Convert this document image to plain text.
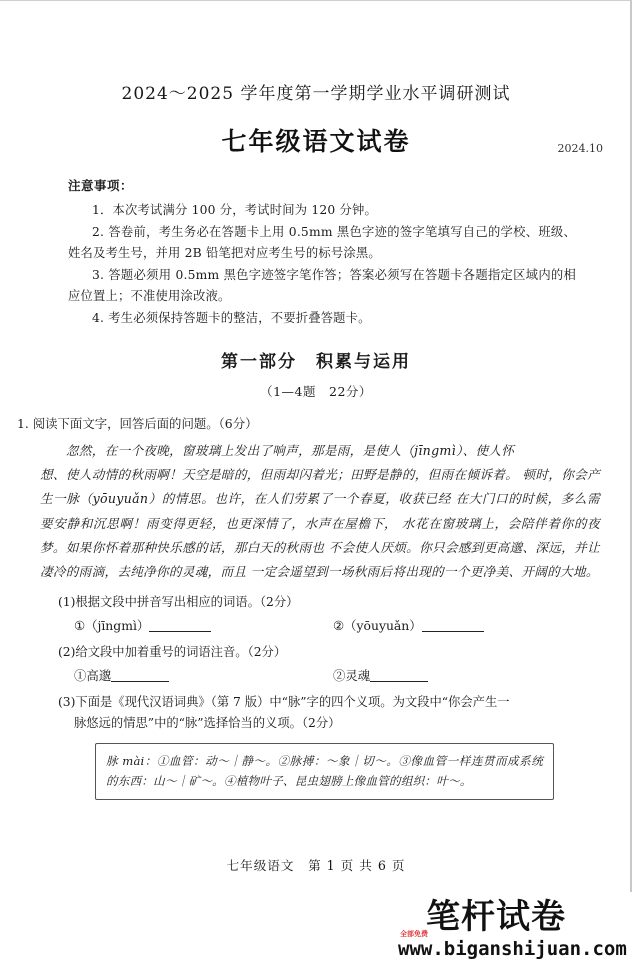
2024～2025 学年度第一学期学业水平调研测试
七年级语文试卷	2024.10
注意事项：

1．本次考试满分 100 分，考试时间为 120 分钟。

2. 答卷前，考生务必在答题卡上用 0.5mm 黑色字迹的签字笔填写自己的学校、班级、姓名及考生号，并用 2B 铅笔把对应考生号的标号涂黑。

3. 答题必须用 0.5mm 黑色字迹签字笔作答；答案必须写在答题卡各题指定区域内的相应位置上；不准使用涂改液。

4. 考生必须保持答题卡的整洁，不要折叠答题卡。

第一部分　积累与运用
（1—4题　22分）
1. 阅读下面文字，回答后面的问题。（6分）
忽然，在一个夜晚，窗玻璃上发出了响声，那是雨，是使人（jīngmì）、使人怀
想、使人动情的秋雨啊！天空是暗的，但雨却闪着光；田野是静的，但雨在倾诉着。 顿时，你会产生一脉（yōuyuǎn）的情思。也许，在人们劳累了一个春夏，收获已经 在大门口的时候，多么需要安静和沉思啊！雨变得更轻，也更深情了，水声在屋檐下， 水花在窗玻璃上，会陪伴着你的夜梦。如果你怀着那种快乐感的话，那白天的秋雨也 不会使人厌烦。你只会感到更高邈、深远，并让凄冷的雨滴，去纯净你的灵魂，而且 一定会遥望到一场秋雨后将出现的一个更净美、开阔的大地。
(1)根据文段中拼音写出相应的词语。（2分）
①（jīngmì）	②（yōuyuǎn）
(2)给文段中加着重号的词语注音。（2分）
①高邈	②灵魂
(3)下面是《现代汉语词典》（第 7 版）中“脉”字的四个义项。为文段中“你会产生一
脉悠远的情思”中的“脉”选择恰当的义项。（2分）
脉 mài：①血管：动～｜静～。②脉搏：～象｜切～。③像血管一样连贯而成系统的东西：山～｜矿～。④植物叶子、昆虫翅膀上像血管的组织：叶～。
七年级语文　第 1 页 共 6 页
全部免费
笔杆试卷
www.biganshijuan.com
